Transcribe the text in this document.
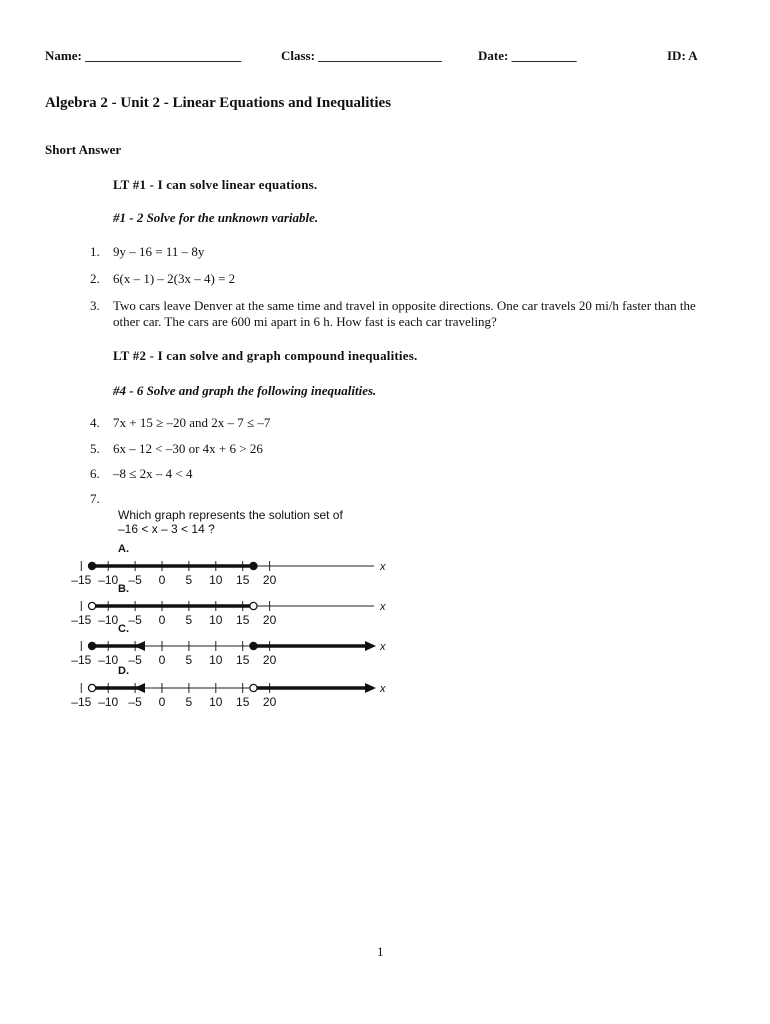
Name: ________________________	Class: ___________________	Date: __________	ID: A
Algebra 2 - Unit 2 - Linear Equations and Inequalities
Short Answer
LT #1 - I can solve linear equations.
#1 - 2 Solve for the unknown variable.
1. 9y – 16 = 11 – 8y
2. 6(x – 1) – 2(3x – 4) = 2
3. Two cars leave Denver at the same time and travel in opposite directions. One car travels 20 mi/h faster than the other car. The cars are 600 mi apart in 6 h. How fast is each car traveling?
LT #2 - I can solve and graph compound inequalities.
#4 - 6 Solve and graph the following inequalities.
4. 7x + 15 ≥ –20 and 2x – 7 ≤ –7
5. 6x – 12 < –30 or 4x + 6 > 26
6. –8 ≤ 2x – 4 < 4
7.
Which graph represents the solution set of
–16 < x – 3 < 14 ?
A.
x
–15 –10 –5 0 5 10 15 20
B.
x
–15 –10 –5 0 5 10 15 20
C.
x
–15 –10 –5 0 5 10 15 20
D.
x
–15 –10 –5 0 5 10 15 20
1
